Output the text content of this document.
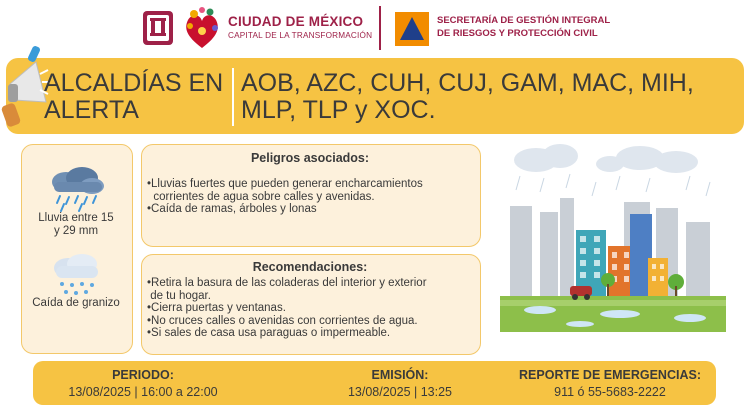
CIUDAD DE MÉXICO
CAPITAL DE LA TRANSFORMACIÓN
SECRETARÍA DE GESTIÓN INTEGRAL
DE RIESGOS Y PROTECCIÓN CIVIL
ALCALDÍAS EN ALERTA
AOB, AZC, CUH, CUJ, GAM, MAC, MIH, MLP, TLP y XOC.
Lluvia entre 15 y 29 mm
Caída de granizo
Peligros asociados:
•Lluvias fuertes que pueden generar encharcamientos
corrientes de agua sobre calles y avenidas.
•Caída de ramas, árboles y lonas
Recomendaciones:
•Retira la basura de las coladeras del interior y exterior
de tu hogar.
•Cierra puertas y ventanas.
•No cruces calles o avenidas con corrientes de agua.
•Si sales de casa usa paraguas o impermeable.
PERIODO:
13/08/2025 | 16:00 a 22:00
EMISIÓN:
13/08/2025 | 13:25
REPORTE DE EMERGENCIAS:
911 ó 55-5683-2222
